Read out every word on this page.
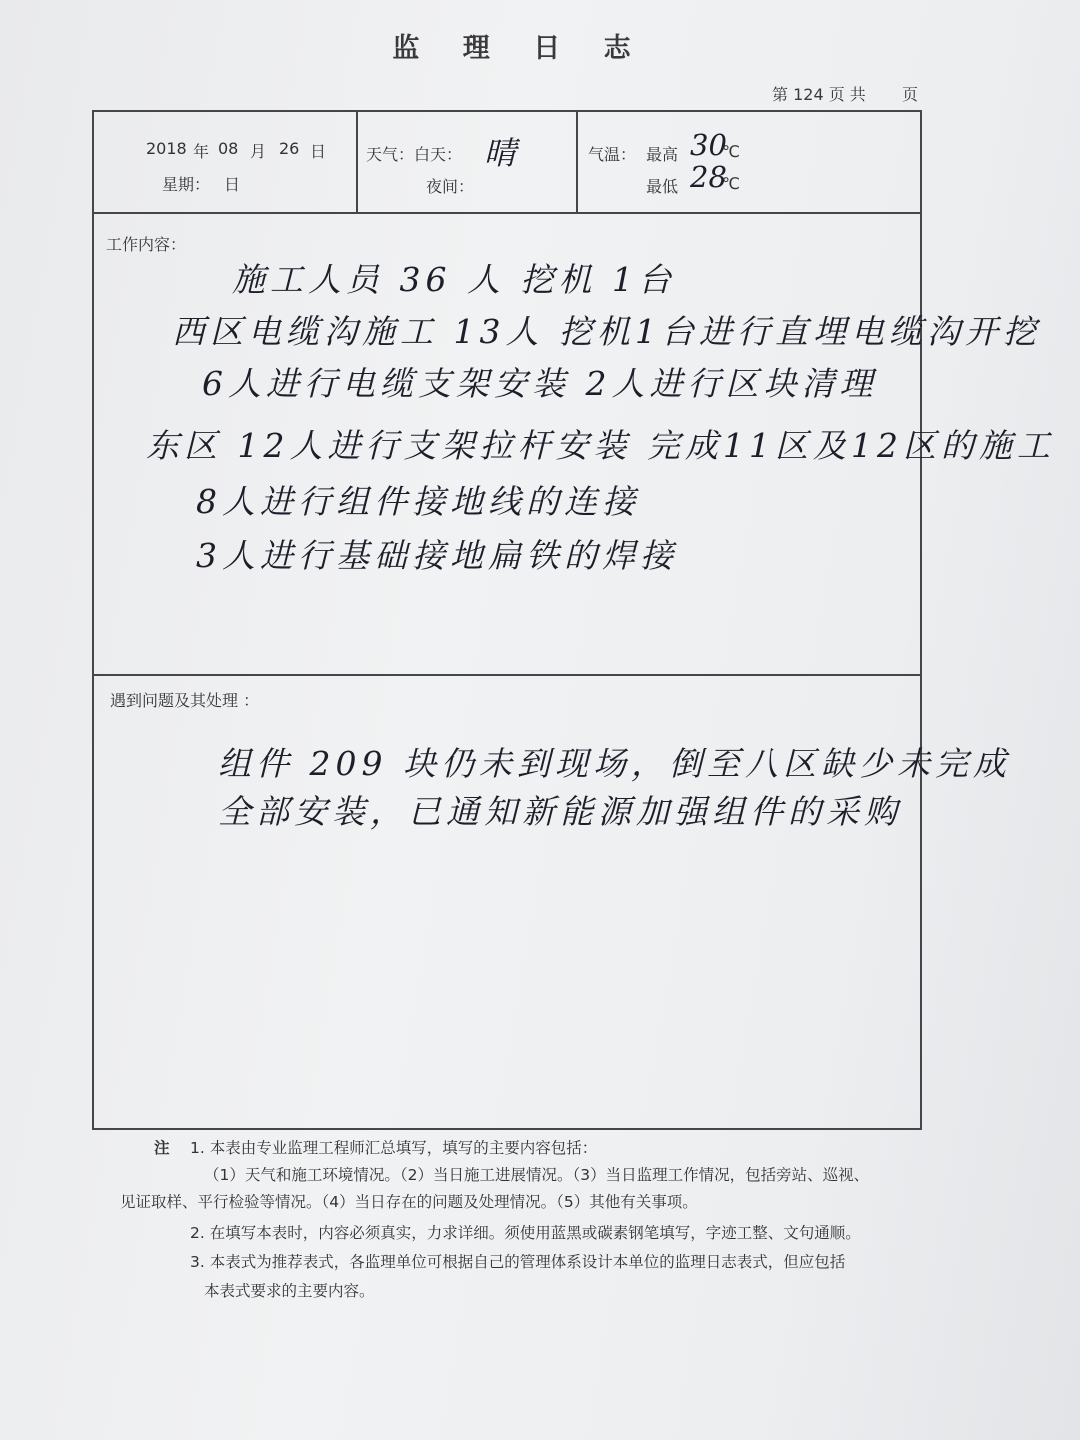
监 理 日 志
第 124 页 共 页
2018 年 08 月 26 日
星期： 日
天气： 白天： 晴
夜间：
气温： 最高 30
℃
最低 28
℃
工作内容：
施工人员 36 人 挖机 1台
西区电缆沟施工 13人 挖机1台进行直埋电缆沟开挖
6人进行电缆支架安装 2人进行区块清理
东区 12人进行支架拉杆安装 完成11区及12区的施工
8人进行组件接地线的连接
3人进行基础接地扁铁的焊接
遇到问题及其处理 ：
组件 209 块仍未到现场，倒至八区缺少未完成
全部安装，已通知新能源加强组件的采购
注 1. 本表由专业监理工程师汇总填写，填写的主要内容包括：
（1）天气和施工环境情况。（2）当日施工进展情况。（3）当日监理工作情况，包括旁站、巡视、
见证取样、平行检验等情况。（4）当日存在的问题及处理情况。（5）其他有关事项。
2. 在填写本表时，内容必须真实，力求详细。须使用蓝黑或碳素钢笔填写，字迹工整、文句通顺。
3. 本表式为推荐表式，各监理单位可根据自己的管理体系设计本单位的监理日志表式，但应包括
本表式要求的主要内容。
